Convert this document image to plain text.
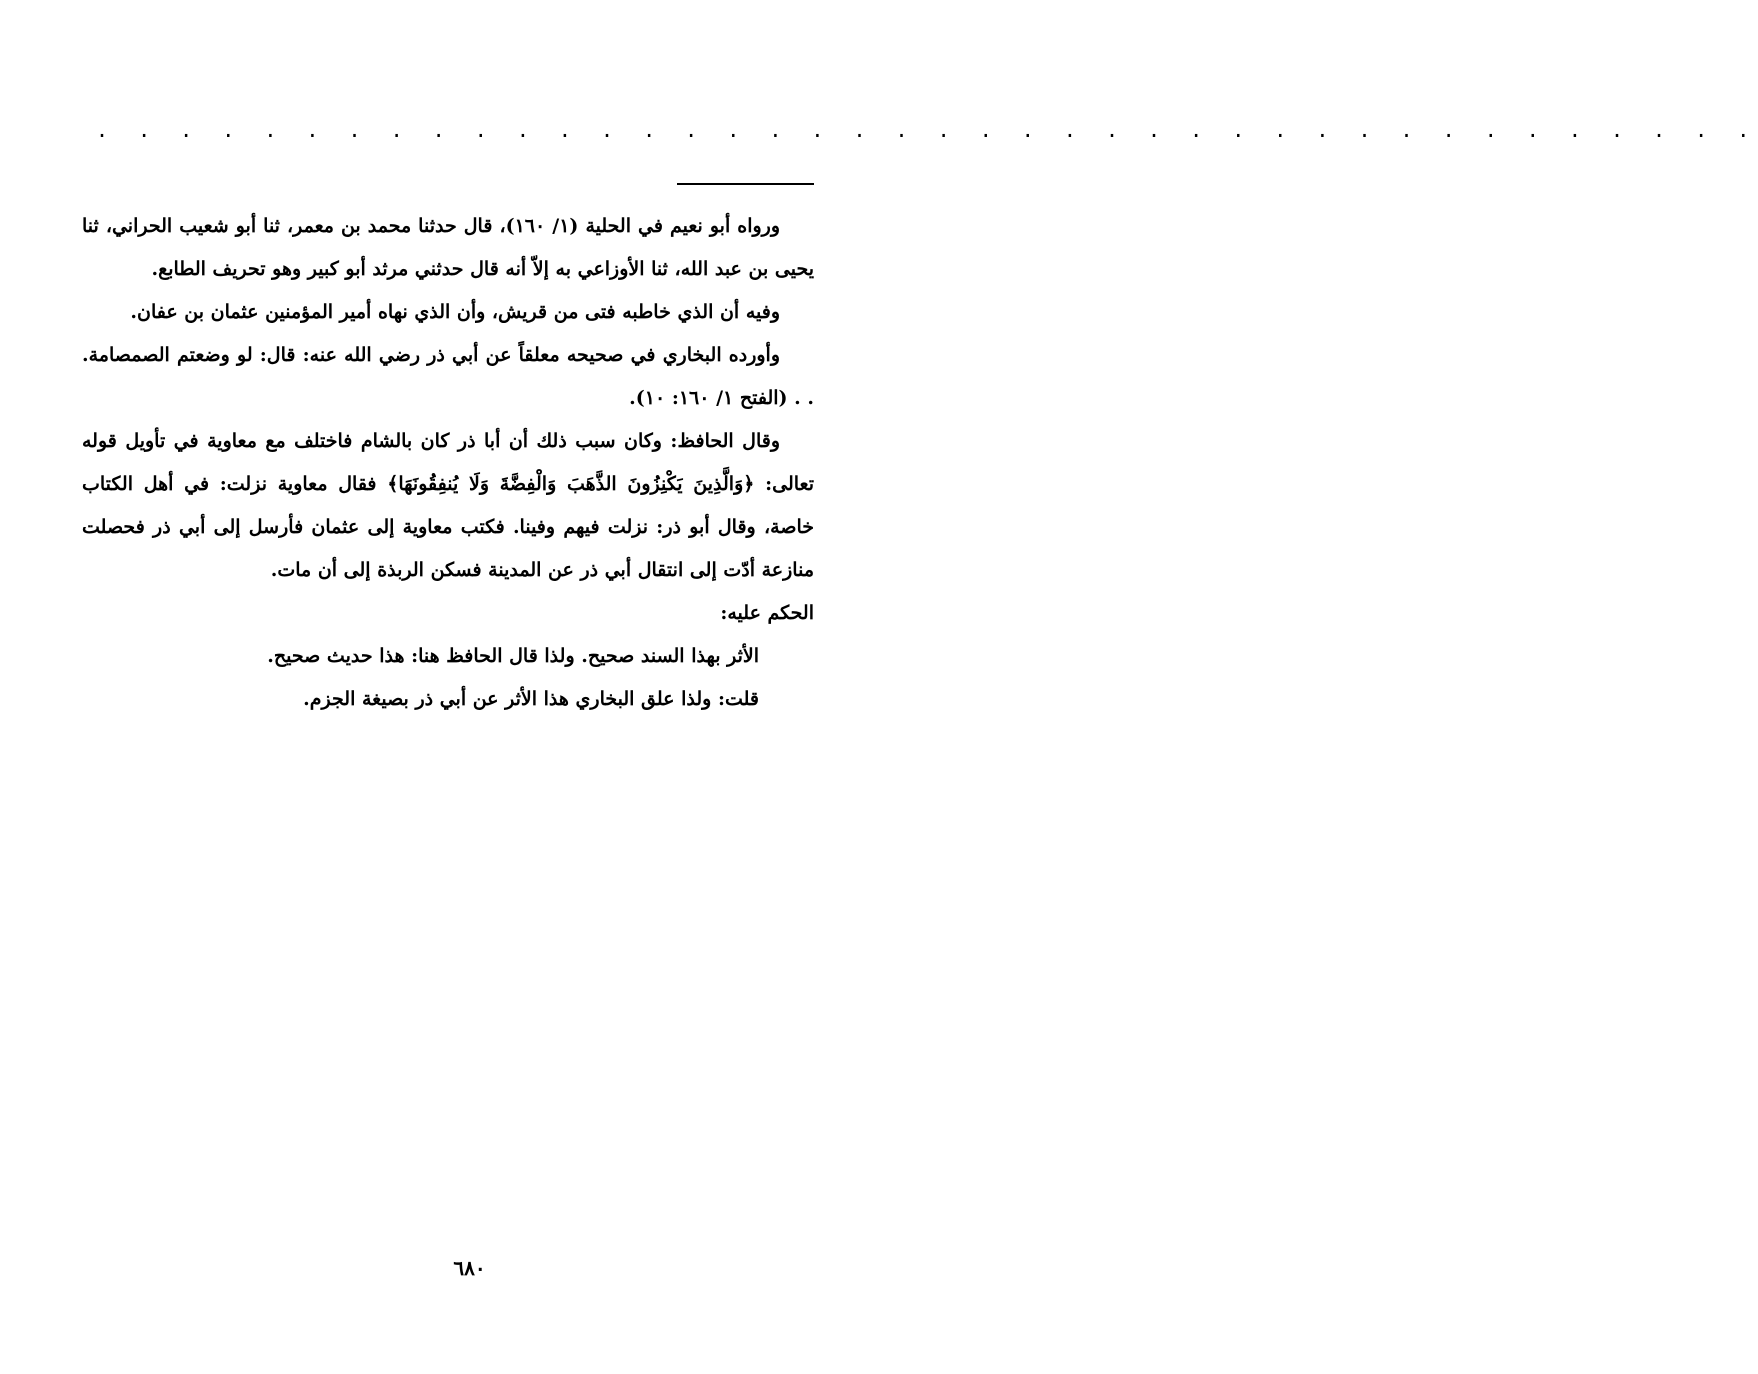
. . . . . . . . . . . . . . . . . . . . . . . . . . . . . . . . . . . . . . . .

ورواه أبو نعيم في الحلية (١/ ١٦٠)، قال حدثنا محمد بن معمر، ثنا أبو شعيب الحراني، ثنا يحيى بن عبد الله، ثنا الأوزاعي به إلاّ أنه قال حدثني مرثد أبو كبير وهو تحريف الطابع.

وفيه أن الذي خاطبه فتى من قريش، وأن الذي نهاه أمير المؤمنين عثمان بن عفان.

وأورده البخاري في صحيحه معلقاً عن أبي ذر رضي الله عنه: قال: لو وضعتم الصمصامة. . . (الفتح ١/ ١٦٠: ١٠).

وقال الحافظ: وكان سبب ذلك أن أبا ذر كان بالشام فاختلف مع معاوية في تأويل قوله تعالى: ﴿وَالَّذِينَ يَكْنِزُونَ الذَّهَبَ وَالْفِضَّةَ وَلَا يُنفِقُونَهَا﴾ فقال معاوية نزلت: في أهل الكتاب خاصة، وقال أبو ذر: نزلت فيهم وفينا. فكتب معاوية إلى عثمان فأرسل إلى أبي ذر فحصلت منازعة أدّت إلى انتقال أبي ذر عن المدينة فسكن الربذة إلى أن مات.

الحكم عليه:

الأثر بهذا السند صحيح. ولذا قال الحافظ هنا: هذا حديث صحيح.

قلت: ولذا علق البخاري هذا الأثر عن أبي ذر بصيغة الجزم.

٦٨٠
